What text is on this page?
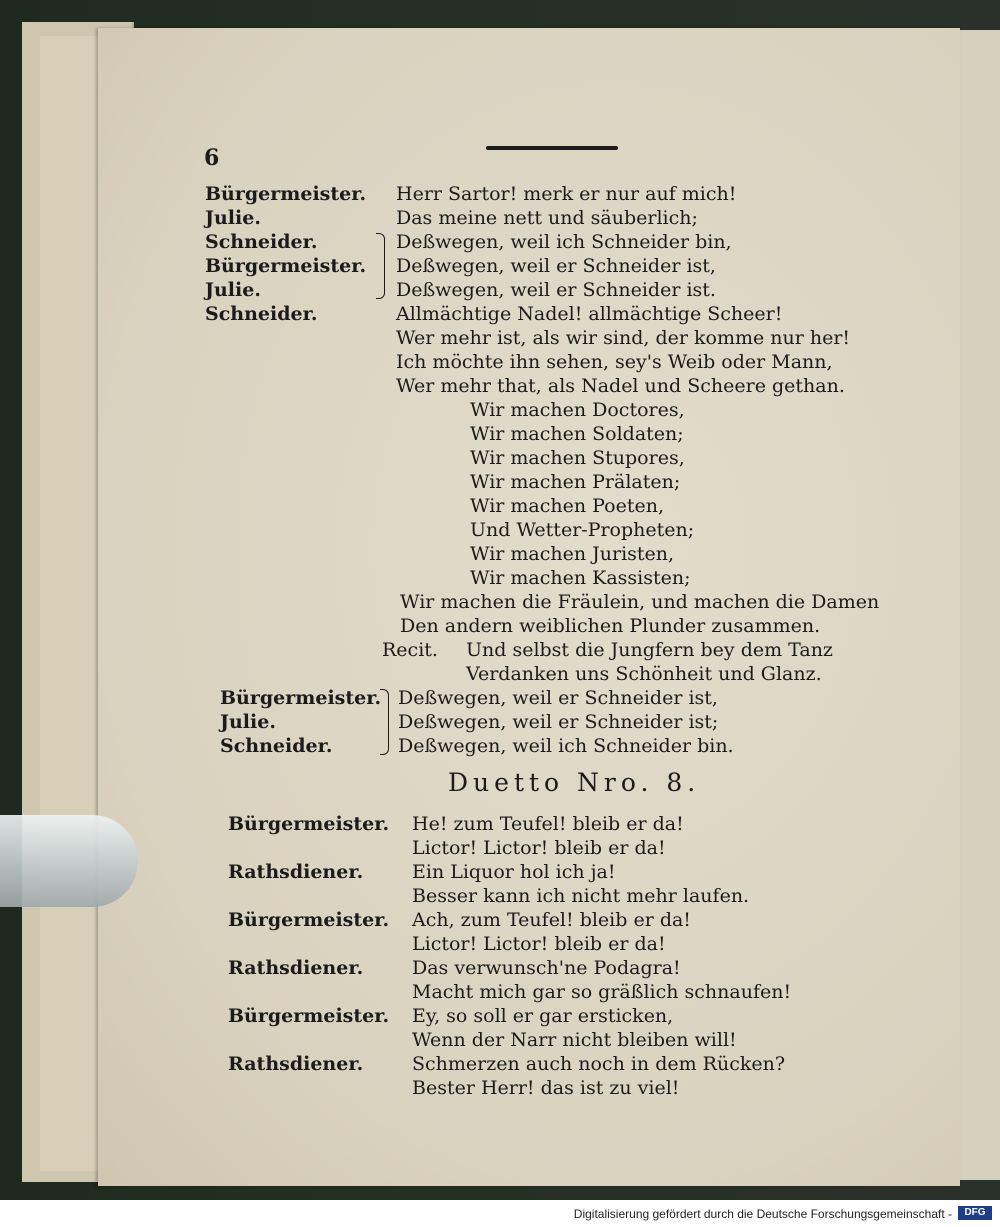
6
Bürgermeister. Herr Sartor! merk er nur auf mich!
Julie.	Das meine nett und säuberlich;
Schneider.	Deßwegen, weil ich Schneider bin,
Bürgermeister. Deßwegen, weil er Schneider ist,
Julie.	Deßwegen, weil er Schneider ist.
Schneider.	Allmächtige Nadel! allmächtige Scheer!
Wer mehr ist, als wir sind, der komme nur her!
Ich möchte ihn sehen, sey's Weib oder Mann,
Wer mehr that, als Nadel und Scheere gethan.
Wir machen Doctores,
Wir machen Soldaten;
Wir machen Stupores,
Wir machen Prälaten;
Wir machen Poeten,
Und Wetter-Propheten;
Wir machen Juristen,
Wir machen Kassisten;
Wir machen die Fräulein, und machen die Damen
Den andern weiblichen Plunder zusammen.
Recit. Und selbst die Jungfern bey dem Tanz
Verdanken uns Schönheit und Glanz.
Bürgermeister. Deßwegen, weil er Schneider ist,
Julie.	Deßwegen, weil er Schneider ist;
Schneider.	Deßwegen, weil ich Schneider bin.
Duetto Nro. 8.
Bürgermeister. He! zum Teufel! bleib er da!
Lictor! Lictor! bleib er da!
Rathsdiener.	Ein Liquor hol ich ja!
Besser kann ich nicht mehr laufen.
Bürgermeister. Ach, zum Teufel! bleib er da!
Lictor! Lictor! bleib er da!
Rathsdiener.	Das verwunsch'ne Podagra!
Macht mich gar so gräßlich schnaufen!
Bürgermeister. Ey, so soll er gar ersticken,
Wenn der Narr nicht bleiben will!
Rathsdiener.	Schmerzen auch noch in dem Rücken?
Bester Herr! das ist zu viel!
Digitalisierung gefördert durch die Deutsche Forschungsgemeinschaft -	DFG
